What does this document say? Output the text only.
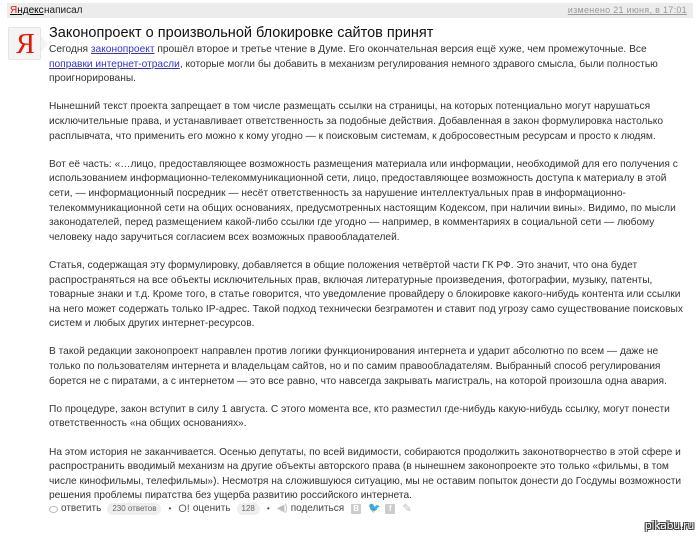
Яндекс написал	изменено 21 июня, в 17:01
Я Законопроект о произвольной блокировке сайтов принят

Сегодня законопроект прошёл второе и третье чтение в Думе. Его окончательная версия ещё хуже, чем промежуточные. Все поправки интернет-отрасли, которые могли бы добавить в механизм регулирования немного здравого смысла, были полностью проигнорированы.

Нынешний текст проекта запрещает в том числе размещать ссылки на страницы, на которых потенциально могут нарушаться исключительные права, и устанавливает ответственность за подобные действия. Добавленная в закон формулировка настолько расплывчата, что применить его можно к кому угодно — к поисковым системам, к добросовестным ресурсам и просто к людям.

Вот её часть: «…лицо, предоставляющее возможность размещения материала или информации, необходимой для его получения с использованием информационно-телекоммуникационной сети, лицо, предоставляющее возможность доступа к материалу в этой сети, — информационный посредник — несёт ответственность за нарушение интеллектуальных прав в информационно-телекоммуникационной сети на общих основаниях, предусмотренных настоящим Кодексом, при наличии вины». Видимо, по мысли законодателей, перед размещением какой-либо ссылки где угодно — например, в комментариях в социальной сети — любому человеку надо заручиться согласием всех возможных правообладателей.

Статья, содержащая эту формулировку, добавляется в общие положения четвёртой части ГК РФ. Это значит, что она будет распространяться на все объекты исключительных прав, включая литературные произведения, фотографии, музыку, патенты, товарные знаки и т.д. Кроме того, в статье говорится, что уведомление провайдеру о блокировке какого-нибудь контента или ссылки на него может содержать только IP-адрес. Такой подход технически безграмотен и ставит под угрозу само существование поисковых систем и любых других интернет-ресурсов.

В такой редакции законопроект направлен против логики функционирования интернета и ударит абсолютно по всем — даже не только по пользователям интернета и владельцам сайтов, но и по самим правообладателям. Выбранный способ регулирования борется не с пиратами, а с интернетом — это все равно, что навсегда закрывать магистраль, на которой произошла одна авария.

По процедуре, закон вступит в силу 1 августа. С этого момента все, кто разместил где-нибудь какую-нибудь ссылку, могут понести ответственность «на общих основаниях».

На этом история не заканчивается. Осенью депутаты, по всей видимости, собираются продолжить законотворчество в этой сфере и распространить вводимый механизм на другие объекты авторского права (в нынешнем законопроекте это только «фильмы, в том числе кинофильмы, телефильмы»). Несмотря на сложившуюся ситуацию, мы не оставим попыток донести до Госдумы возможности решения проблемы пиратства без ущерба развитию российского интернета.

ответить	230 ответов	• O! оценить	128	• ◀) поделиться В 🐦	f	✎
pikabu.ru
